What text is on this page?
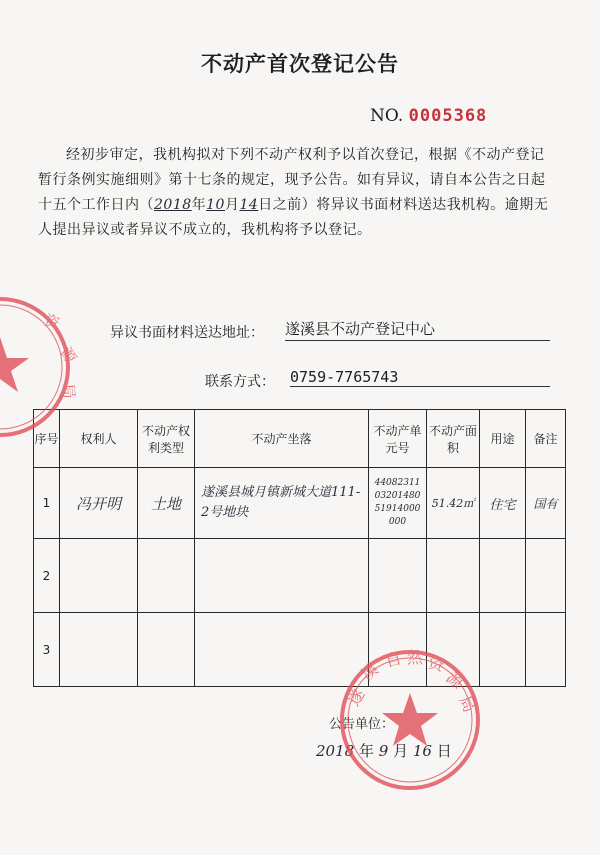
不动产首次登记公告
NO. 0005368
经初步审定，我机构拟对下列不动产权利予以首次登记，根据《不动产登记暂行条例实施细则》第十七条的规定，现予公告。如有异议，请自本公告之日起十五个工作日内（2018年10月14日之前）将异议书面材料送达我机构。逾期无人提出异议或者异议不成立的，我机构将予以登记。
异议书面材料送达地址： 遂溪县不动产登记中心
联系方式： 0759-7765743
序号	权利人	不动产权利类型	不动产坐落	不动产单元号	不动产面积	用途	备注
1	冯开明	土地	遂溪县城月镇新城大道111-2号地块	440823110320148051914000000	51.42㎡	住宅	国有
2							
3							
资
源
局
公告单位：
2018 年 9 月 16 日
遂
溪 自 然 资
源
局
